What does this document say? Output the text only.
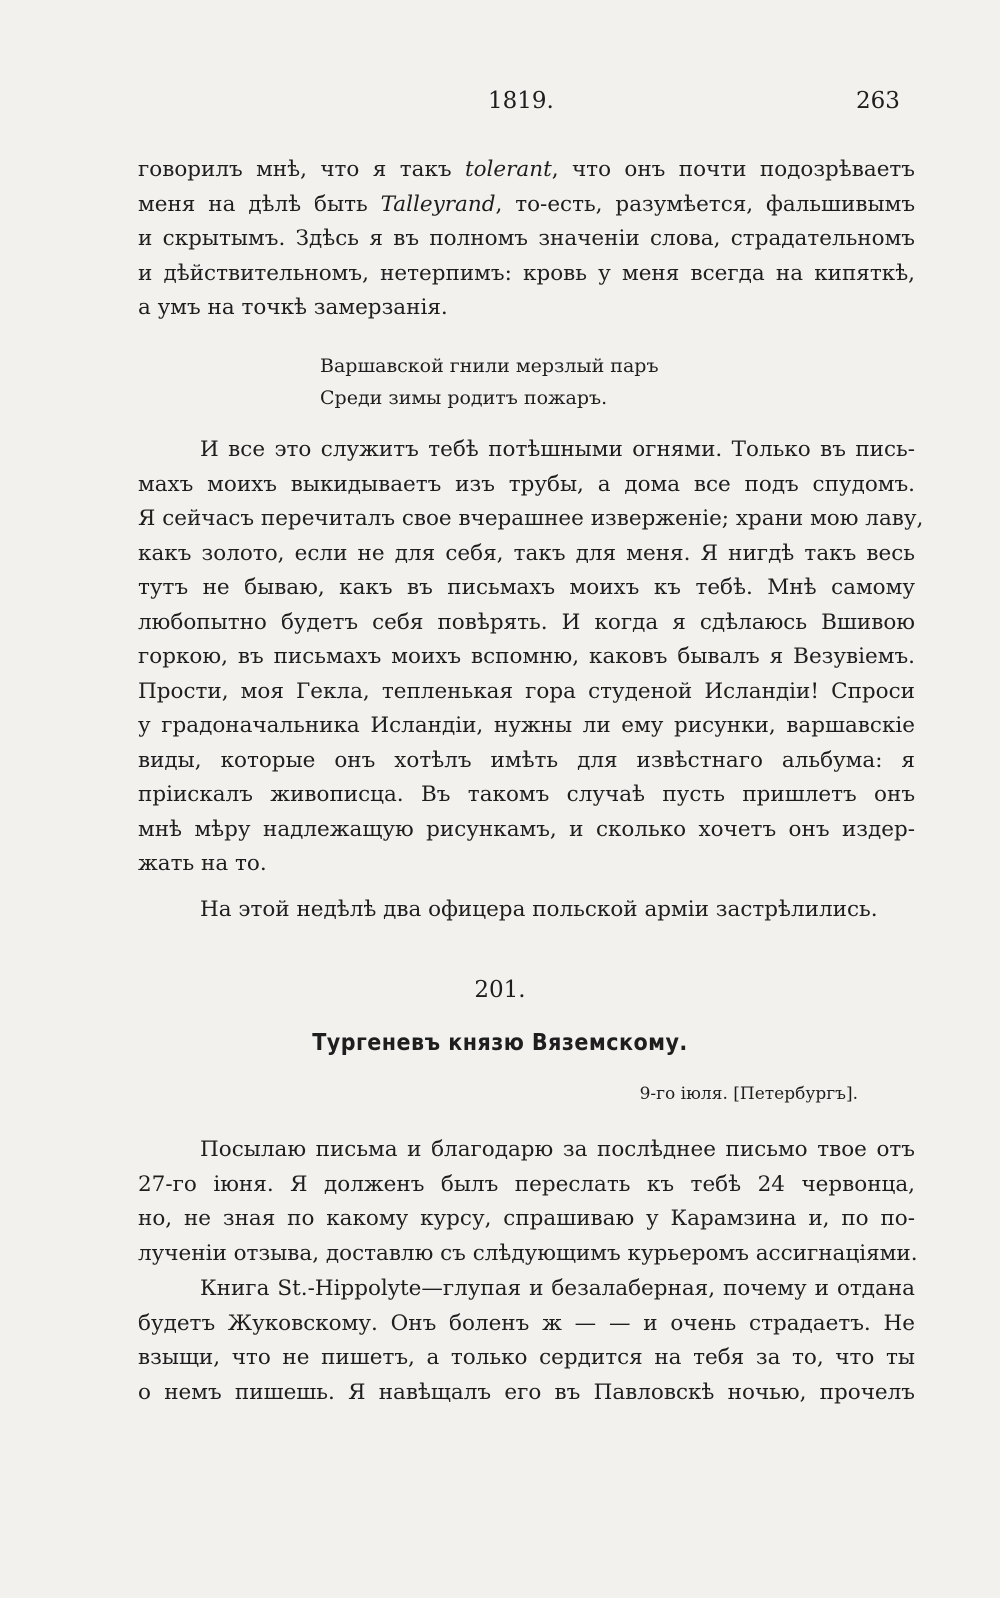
1819.	263
говорилъ мнѣ, что я такъ tolerant, что онъ почти подозрѣваетъ
меня на дѣлѣ быть Talleyrand, то-есть, разумѣется, фальшивымъ
и скрытымъ. Здѣсь я въ полномъ значеніи слова, страдательномъ
и дѣйствительномъ, нетерпимъ: кровь у меня всегда на кипяткѣ,
а умъ на точкѣ замерзанія.
Варшавской гнили мерзлый паръ
Среди зимы родитъ пожаръ.
И все это служитъ тебѣ потѣшными огнями. Только въ пись-
махъ моихъ выкидываетъ изъ трубы, а дома все подъ спудомъ.
Я сейчасъ перечиталъ свое вчерашнее изверженіе; храни мою лаву,
какъ золото, если не для себя, такъ для меня. Я нигдѣ такъ весь
тутъ не бываю, какъ въ письмахъ моихъ къ тебѣ. Мнѣ самому
любопытно будетъ себя повѣрять. И когда я сдѣлаюсь Вшивою
горкою, въ письмахъ моихъ вспомню, каковъ бывалъ я Везувіемъ.
Прости, моя Гекла, тепленькая гора студеной Исландіи! Спроси
у градоначальника Исландіи, нужны ли ему рисунки, варшавскіе
виды, которые онъ хотѣлъ имѣть для извѣстнаго альбума: я
пріискалъ живописца. Въ такомъ случаѣ пусть пришлетъ онъ
мнѣ мѣру надлежащую рисункамъ, и сколько хочетъ онъ издер-
жать на то.
На этой недѣлѣ два офицера польской арміи застрѣлились.
201.
Тургеневъ князю Вяземскому.
9-го іюля. [Петербургъ].
Посылаю письма и благодарю за послѣднее письмо твое отъ
27-го іюня. Я долженъ былъ переслать къ тебѣ 24 червонца,
но, не зная по какому курсу, спрашиваю у Карамзина и, по по-
лученіи отзыва, доставлю съ слѣдующимъ курьеромъ ассигнаціями.
Книга St.-Hippolyte—глупая и безалаберная, почему и отдана
будетъ Жуковскому. Онъ боленъ ж — — и очень страдаетъ. Не
взыщи, что не пишетъ, а только сердится на тебя за то, что ты
о немъ пишешь. Я навѣщалъ его въ Павловскѣ ночью, прочелъ
